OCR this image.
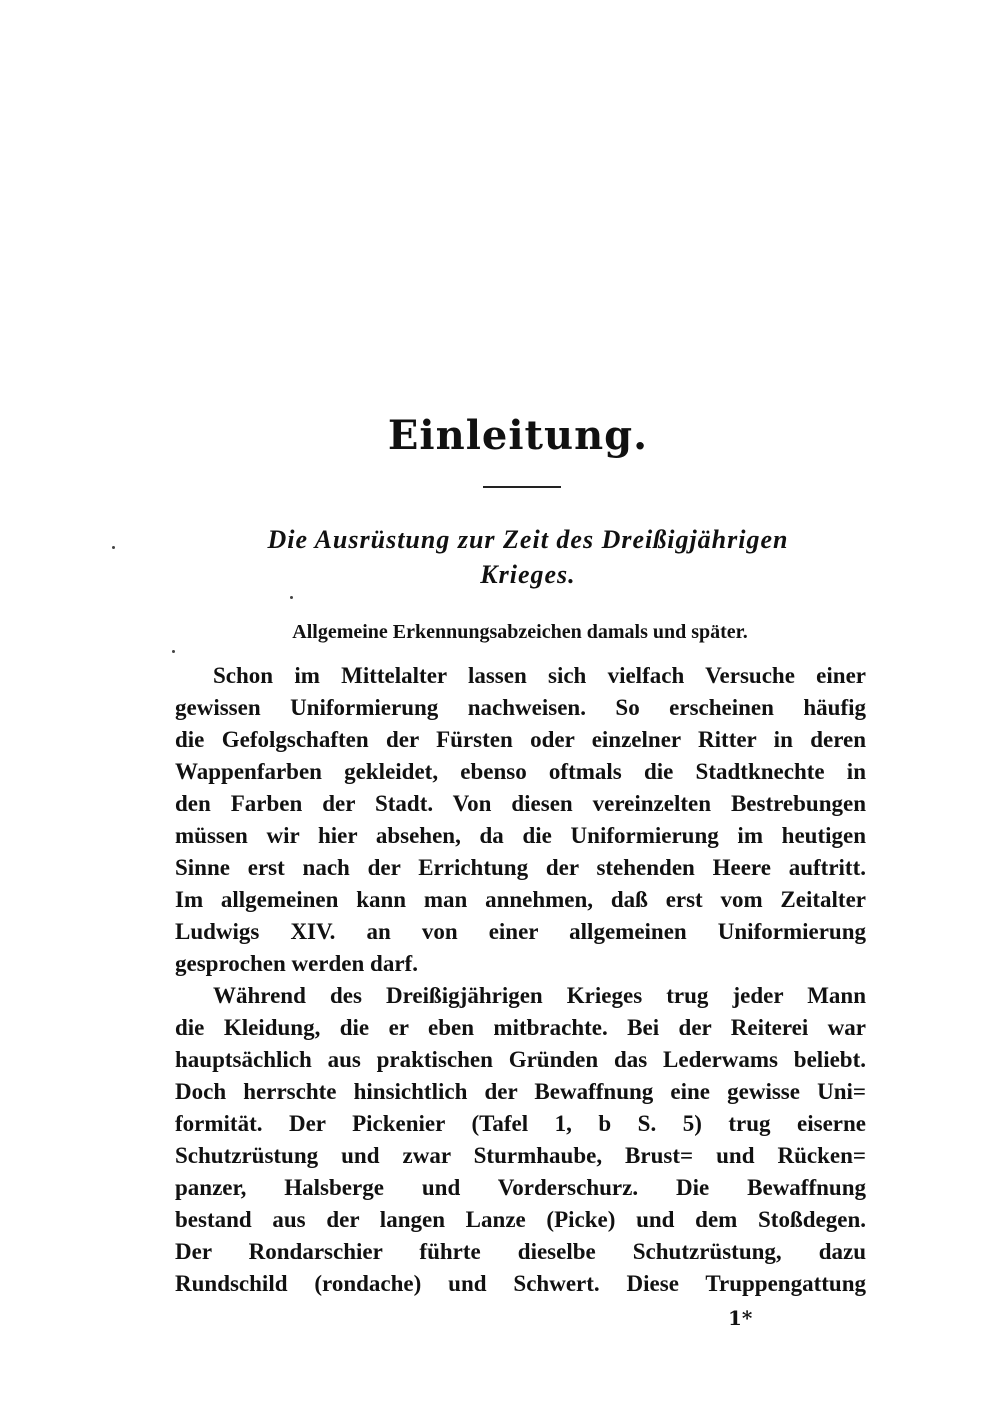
Einleitung.
Die Ausrüstung zur Zeit des Dreißigjährigen
Krieges.
Allgemeine Erkennungsabzeichen damals und später.
Schon im Mittelalter lassen sich vielfach Versuche einer
gewissen Uniformierung nachweisen. So erscheinen häufig
die Gefolgschaften der Fürsten oder einzelner Ritter in deren
Wappenfarben gekleidet, ebenso oftmals die Stadtknechte in
den Farben der Stadt. Von diesen vereinzelten Bestrebungen
müssen wir hier absehen, da die Uniformierung im heutigen
Sinne erst nach der Errichtung der stehenden Heere auftritt.
Im allgemeinen kann man annehmen, daß erst vom Zeitalter
Ludwigs XIV. an von einer allgemeinen Uniformierung
gesprochen werden darf.
Während des Dreißigjährigen Krieges trug jeder Mann
die Kleidung, die er eben mitbrachte. Bei der Reiterei war
hauptsächlich aus praktischen Gründen das Lederwams beliebt.
Doch herrschte hinsichtlich der Bewaffnung eine gewisse Uni=
formität. Der Pickenier (Tafel 1, b S. 5) trug eiserne
Schutzrüstung und zwar Sturmhaube, Brust= und Rücken=
panzer, Halsberge und Vorderschurz. Die Bewaffnung
bestand aus der langen Lanze (Picke) und dem Stoßdegen.
Der Rondarschier führte dieselbe Schutzrüstung, dazu
Rundschild (rondache) und Schwert. Diese Truppengattung
1*
